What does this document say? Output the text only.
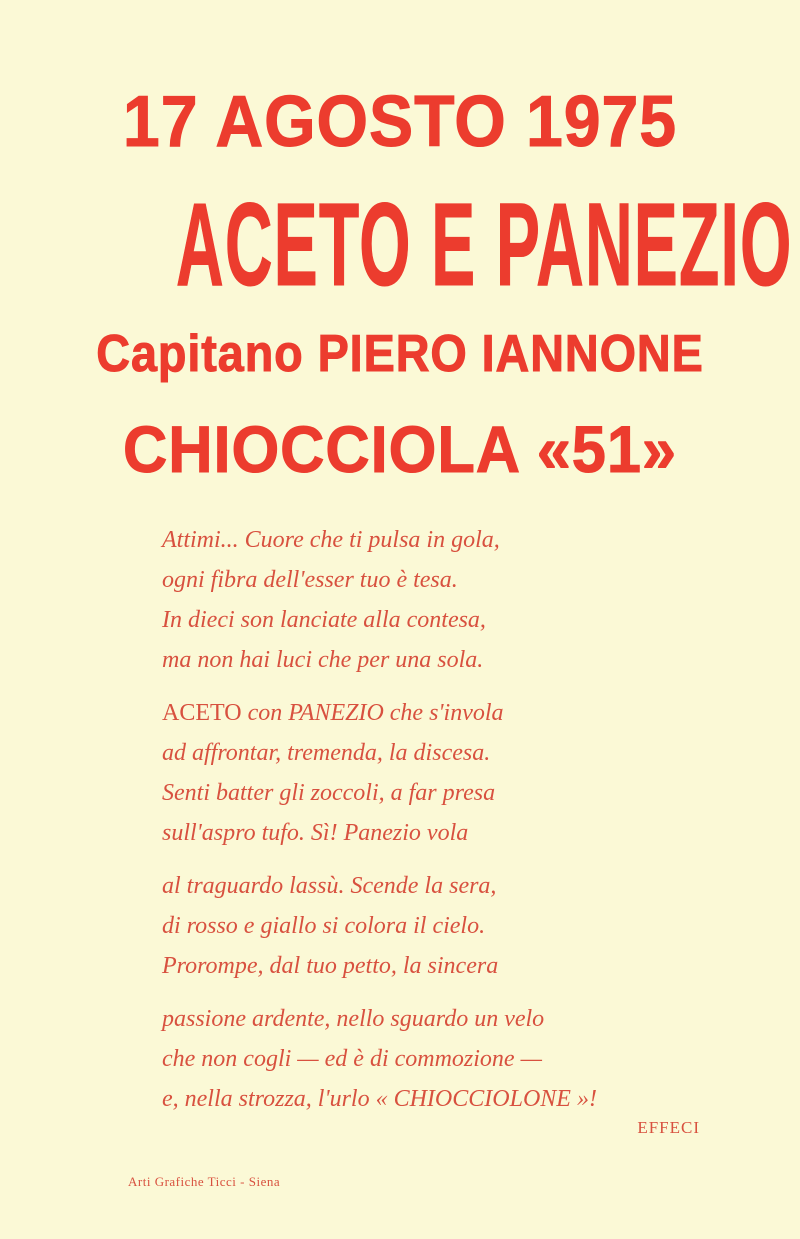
17 AGOSTO 1975
ACETO E PANEZIO
Capitano PIERO IANNONE
CHIOCCIOLA «51»
Attimi... Cuore che ti pulsa in gola,
ogni fibra dell'esser tuo è tesa.
In dieci son lanciate alla contesa,
ma non hai luci che per una sola.
ACETO con PANEZIO che s'invola
ad affrontar, tremenda, la discesa.
Senti batter gli zoccoli, a far presa
sull'aspro tufo. Sì! Panezio vola
al traguardo lassù. Scende la sera,
di rosso e giallo si colora il cielo.
Prorompe, dal tuo petto, la sincera
passione ardente, nello sguardo un velo
che non cogli — ed è di commozione —
e, nella strozza, l'urlo « CHIOCCIOLONE »!
EFFECI
Arti Grafiche Ticci - Siena
